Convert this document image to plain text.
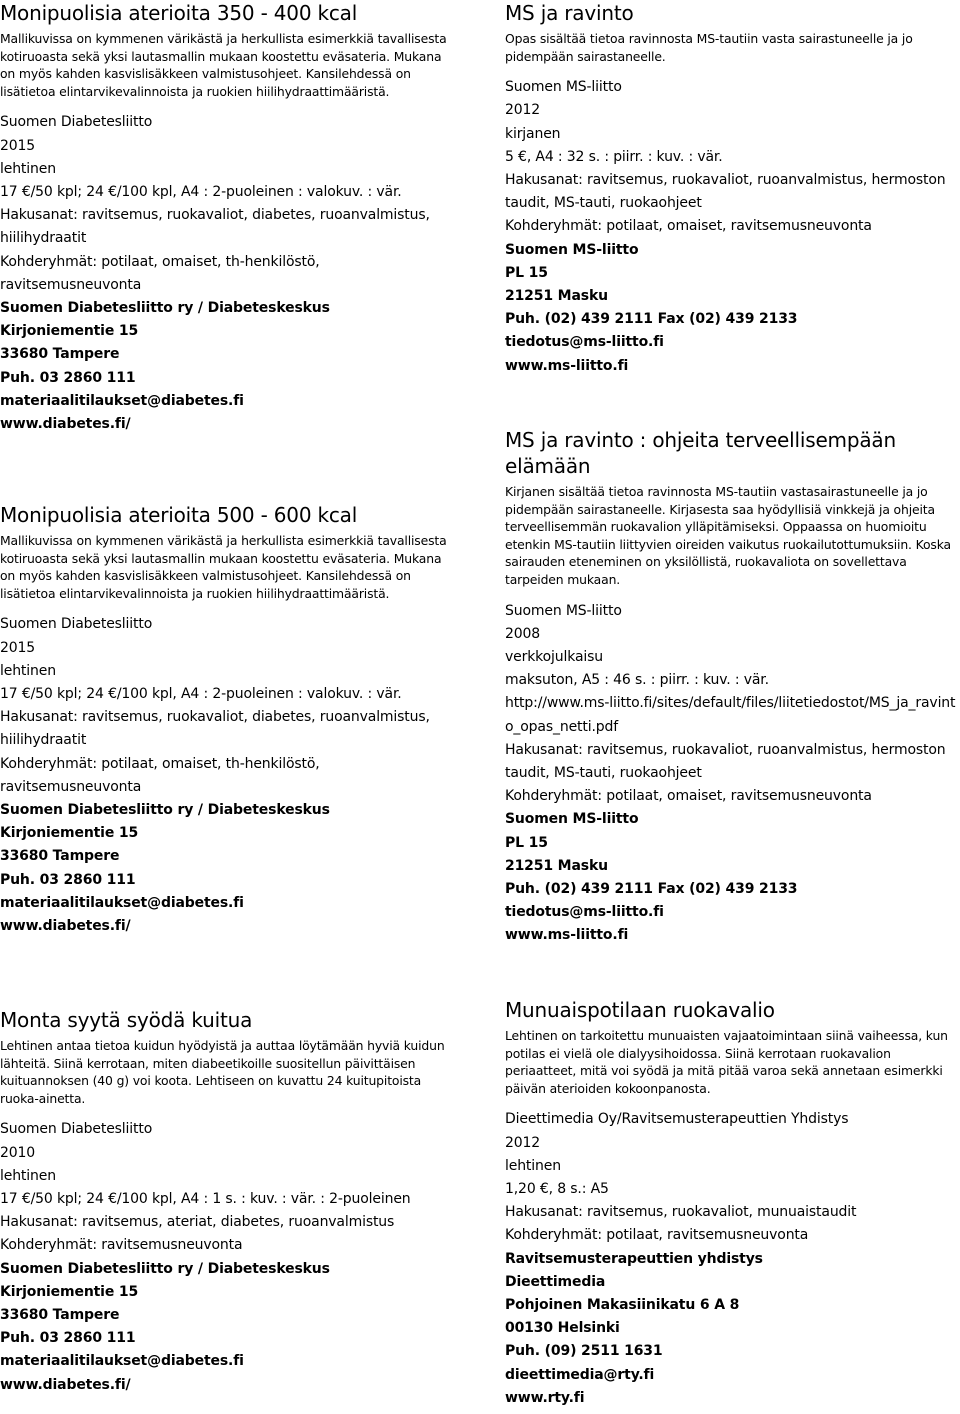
Monipuolisia aterioita 350 - 400 kcal

Mallikuvissa on kymmenen värikästä ja herkullista esimerkkiä tavallisesta kotiruoasta sekä yksi lautasmallin mukaan koostettu eväsateria. Mukana on myös kahden kasvislisäkkeen valmistusohjeet. Kansilehdessä on lisätietoa elintarvikevalinnoista ja ruokien hiilihydraattimääristä.

Suomen Diabetesliitto
2015
lehtinen
17 €/50 kpl; 24 €/100 kpl, A4 : 2-puoleinen : valokuv. : vär.
Hakusanat: ravitsemus, ruokavaliot, diabetes, ruoanvalmistus, hiilihydraatit
Kohderyhmät: potilaat, omaiset, th-henkilöstö, ravitsemusneuvonta
Suomen Diabetesliitto ry / Diabeteskeskus
Kirjoniementie 15
33680 Tampere
Puh. 03 2860 111
materiaalitilaukset@diabetes.fi
www.diabetes.fi/
Monipuolisia aterioita 500 - 600 kcal

Mallikuvissa on kymmenen värikästä ja herkullista esimerkkiä tavallisesta kotiruoasta sekä yksi lautasmallin mukaan koostettu eväsateria. Mukana on myös kahden kasvislisäkkeen valmistusohjeet. Kansilehdessä on lisätietoa elintarvikevalinnoista ja ruokien hiilihydraattimääristä.

Suomen Diabetesliitto
2015
lehtinen
17 €/50 kpl; 24 €/100 kpl, A4 : 2-puoleinen : valokuv. : vär.
Hakusanat: ravitsemus, ruokavaliot, diabetes, ruoanvalmistus, hiilihydraatit
Kohderyhmät: potilaat, omaiset, th-henkilöstö, ravitsemusneuvonta
Suomen Diabetesliitto ry / Diabeteskeskus
Kirjoniementie 15
33680 Tampere
Puh. 03 2860 111
materiaalitilaukset@diabetes.fi
www.diabetes.fi/
Monta syytä syödä kuitua

Lehtinen antaa tietoa kuidun hyödyistä ja auttaa löytämään hyviä kuidun lähteitä. Siinä kerrotaan, miten diabeetikoille suositellun päivittäisen kuituannoksen (40 g) voi koota. Lehtiseen on kuvattu 24 kuitupitoista ruoka-ainetta.

Suomen Diabetesliitto
2010
lehtinen
17 €/50 kpl; 24 €/100 kpl, A4 : 1 s. : kuv. : vär. : 2-puoleinen
Hakusanat: ravitsemus, ateriat, diabetes, ruoanvalmistus
Kohderyhmät: ravitsemusneuvonta
Suomen Diabetesliitto ry / Diabeteskeskus
Kirjoniementie 15
33680 Tampere
Puh. 03 2860 111
materiaalitilaukset@diabetes.fi
www.diabetes.fi/
MS ja ravinto

Opas sisältää tietoa ravinnosta MS-tautiin vasta sairastuneelle ja jo pidempään sairastaneelle.

Suomen MS-liitto
2012
kirjanen
5 €, A4 : 32 s. : piirr. : kuv. : vär.
Hakusanat: ravitsemus, ruokavaliot, ruoanvalmistus, hermoston taudit, MS-tauti, ruokaohjeet
Kohderyhmät: potilaat, omaiset, ravitsemusneuvonta
Suomen MS-liitto
PL 15
21251 Masku
Puh. (02) 439 2111 Fax (02) 439 2133
tiedotus@ms-liitto.fi
www.ms-liitto.fi
MS ja ravinto : ohjeita terveellisempään elämään

Kirjanen sisältää tietoa ravinnosta MS-tautiin vastasairastuneelle ja jo pidempään sairastaneelle. Kirjasesta saa hyödyllisiä vinkkejä ja ohjeita terveellisemmän ruokavalion ylläpitämiseksi. Oppaassa on huomioitu etenkin MS-tautiin liittyvien oireiden vaikutus ruokailutottumuksiin. Koska sairauden eteneminen on yksilöllistä, ruokavaliota on sovellettava tarpeiden mukaan.

Suomen MS-liitto
2008
verkkojulkaisu
maksuton, A5 : 46 s. : piirr. : kuv. : vär.
http://www.ms-liitto.fi/sites/default/files/liitetiedostot/MS_ja_ravinto_opas_netti.pdf
Hakusanat: ravitsemus, ruokavaliot, ruoanvalmistus, hermoston taudit, MS-tauti, ruokaohjeet
Kohderyhmät: potilaat, omaiset, ravitsemusneuvonta
Suomen MS-liitto
PL 15
21251 Masku
Puh. (02) 439 2111 Fax (02) 439 2133
tiedotus@ms-liitto.fi
www.ms-liitto.fi
Munuaispotilaan ruokavalio

Lehtinen on tarkoitettu munuaisten vajaatoimintaan siinä vaiheessa, kun potilas ei vielä ole dialyysihoidossa. Siinä kerrotaan ruokavalion periaatteet, mitä voi syödä ja mitä pitää varoa sekä annetaan esimerkki päivän aterioiden kokoonpanosta.

Dieettimedia Oy/Ravitsemusterapeuttien Yhdistys
2012
lehtinen
1,20 €, 8 s.: A5
Hakusanat: ravitsemus, ruokavaliot, munuaistaudit
Kohderyhmät: potilaat, ravitsemusneuvonta
Ravitsemusterapeuttien yhdistys
Dieettimedia
Pohjoinen Makasiinikatu 6 A 8
00130 Helsinki
Puh. (09) 2511 1631
dieettimedia@rty.fi
www.rty.fi
